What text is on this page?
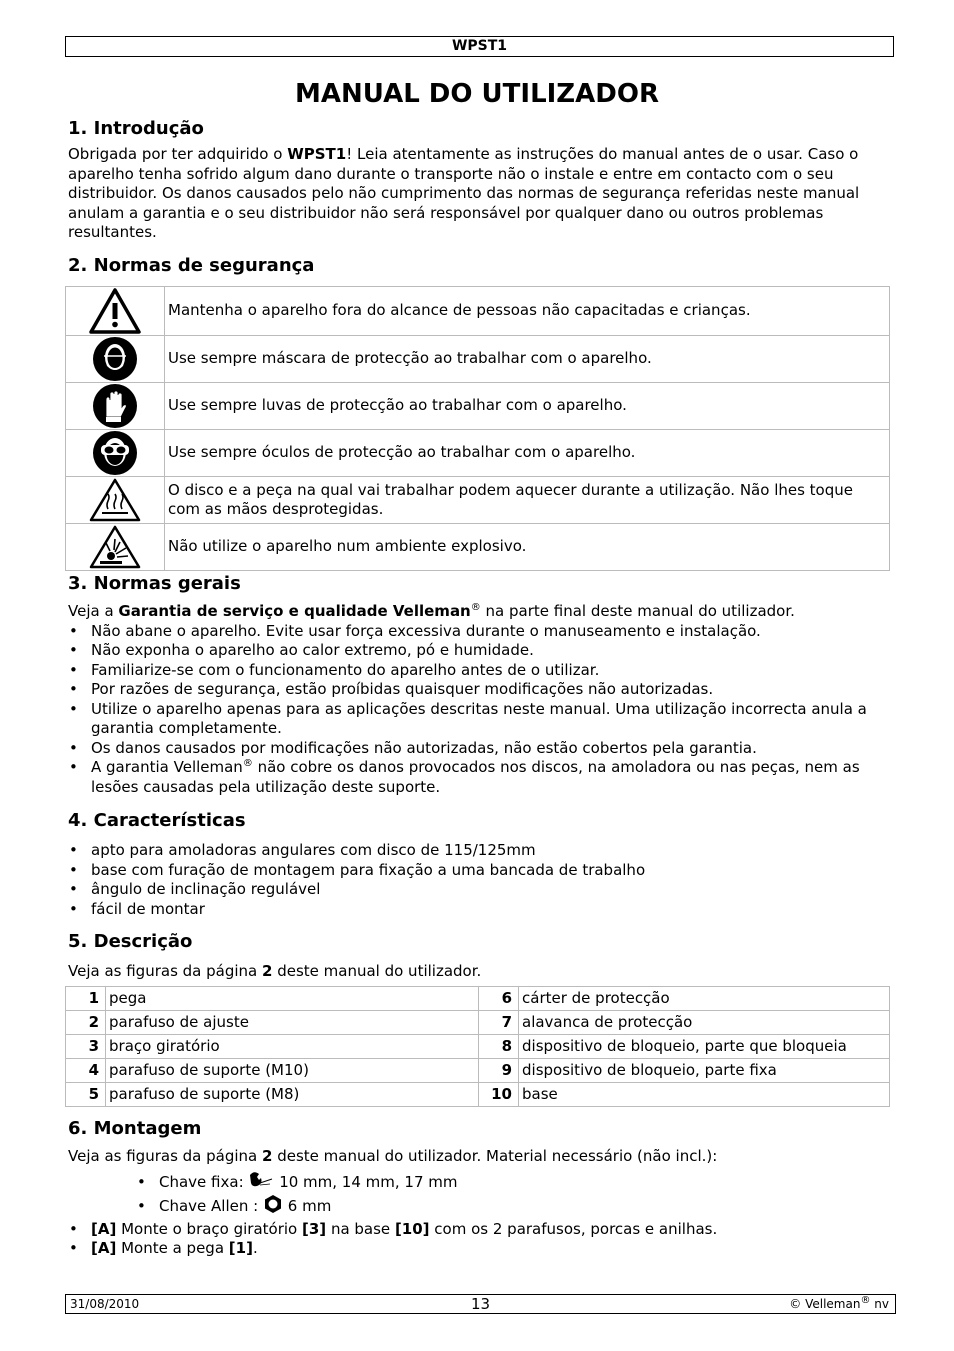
WPST1
MANUAL DO UTILIZADOR
1. Introdução

Obrigada por ter adquirido o WPST1! Leia atentamente as instruções do manual antes de o usar. Caso o aparelho tenha sofrido algum dano durante o transporte não o instale e entre em contacto com o seu distribuidor. Os danos causados pelo não cumprimento das normas de segurança referidas neste manual anulam a garantia e o seu distribuidor não será responsável por qualquer dano ou outros problemas resultantes.

2. Normas de segurança
	Mantenha o aparelho fora do alcance de pessoas não capacitadas e crianças.

	Use sempre máscara de protecção ao trabalhar com o aparelho.

	Use sempre luvas de protecção ao trabalhar com o aparelho.

	Use sempre óculos de protecção ao trabalhar com o aparelho.

	O disco e a peça na qual vai trabalhar podem aquecer durante a utilização. Não lhes toque com as mãos desprotegidas.

	Não utilize o aparelho num ambiente explosivo.
3. Normas gerais

Veja a Garantia de serviço e qualidade Velleman® na parte final deste manual do utilizador.

• Não abane o aparelho. Evite usar força excessiva durante o manuseamento e instalação.
• Não exponha o aparelho ao calor extremo, pó e humidade.
• Familiarize-se com o funcionamento do aparelho antes de o utilizar.
• Por razões de segurança, estão proíbidas quaisquer modificações não autorizadas.
• Utilize o aparelho apenas para as aplicações descritas neste manual. Uma utilização incorrecta anula a garantia completamente.
• Os danos causados por modificações não autorizadas, não estão cobertos pela garantia.
• A garantia Velleman® não cobre os danos provocados nos discos, na amoladora ou nas peças, nem as lesões causadas pela utilização deste suporte.
4. Características
• apto para amoladoras angulares com disco de 115/125mm
• base com furação de montagem para fixação a uma bancada de trabalho
• ângulo de inclinação regulável
• fácil de montar
5. Descrição

Veja as figuras da página 2 deste manual do utilizador.

1	pega	6	cárter de protecção
2	parafuso de ajuste	7	alavanca de protecção
3	braço giratório	8	dispositivo de bloqueio, parte que bloqueia
4	parafuso de suporte (M10)	9	dispositivo de bloqueio, parte fixa
5	parafuso de suporte (M8)	10	base
6. Montagem

Veja as figuras da página 2 deste manual do utilizador. Material necessário (não incl.):

• Chave fixa: 10 mm, 14 mm, 17 mm
• Chave Allen : 6 mm
• [A] Monte o braço giratório [3] na base [10] com os 2 parafusos, porcas e anilhas.
• [A] Monte a pega [1].
31/08/2010	13	© Velleman® nv
